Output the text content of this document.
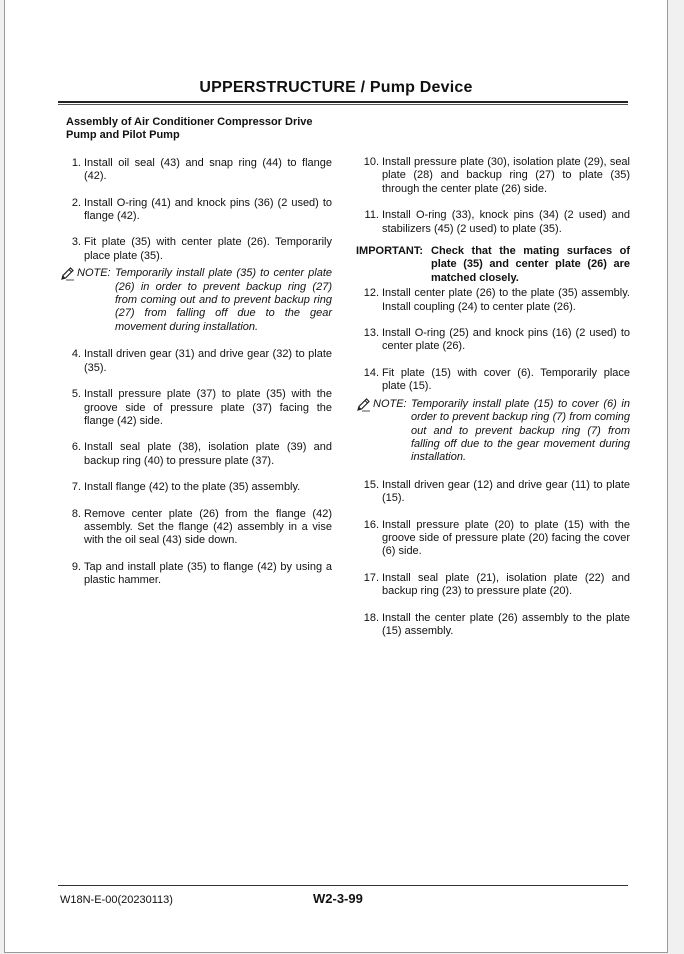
UPPERSTRUCTURE / Pump Device
Assembly of Air Conditioner Compressor Drive
Pump and Pilot Pump
1. Install oil seal (43) and snap ring (44) to flange (42).
2. Install O-ring (41) and knock pins (36) (2 used) to flange (42).
3. Fit plate (35) with center plate (26). Temporarily place plate (35).
NOTE: Temporarily install plate (35) to center plate (26) in order to prevent backup ring (27) from coming out and to prevent backup ring (27) from falling off due to the gear movement during installation.
4. Install driven gear (31) and drive gear (32) to plate (35).
5. Install pressure plate (37) to plate (35) with the groove side of pressure plate (37) facing the flange (42) side.
6. Install seal plate (38), isolation plate (39) and backup ring (40) to pressure plate (37).
7. Install flange (42) to the plate (35) assembly.
8. Remove center plate (26) from the flange (42) assembly. Set the flange (42) assembly in a vise with the oil seal (43) side down.
9. Tap and install plate (35) to flange (42) by using a plastic hammer.
10. Install pressure plate (30), isolation plate (29), seal plate (28) and backup ring (27) to plate (35) through the center plate (26) side.
11. Install O-ring (33), knock pins (34) (2 used) and stabilizers (45) (2 used) to plate (35).
IMPORTANT: Check that the mating surfaces of plate (35) and center plate (26) are matched closely.
12. Install center plate (26) to the plate (35) assembly. Install coupling (24) to center plate (26).
13. Install O-ring (25) and knock pins (16) (2 used) to center plate (26).
14. Fit plate (15) with cover (6). Temporarily place plate (15).
NOTE: Temporarily install plate (15) to cover (6) in order to prevent backup ring (7) from coming out and to prevent backup ring (7) from falling off due to the gear movement during installation.
15. Install driven gear (12) and drive gear (11) to plate (15).
16. Install pressure plate (20) to plate (15) with the groove side of pressure plate (20) facing the cover (6) side.
17. Install seal plate (21), isolation plate (22) and backup ring (23) to pressure plate (20).
18. Install the center plate (26) assembly to the plate (15) assembly.
W18N-E-00(20230113)	W2-3-99
